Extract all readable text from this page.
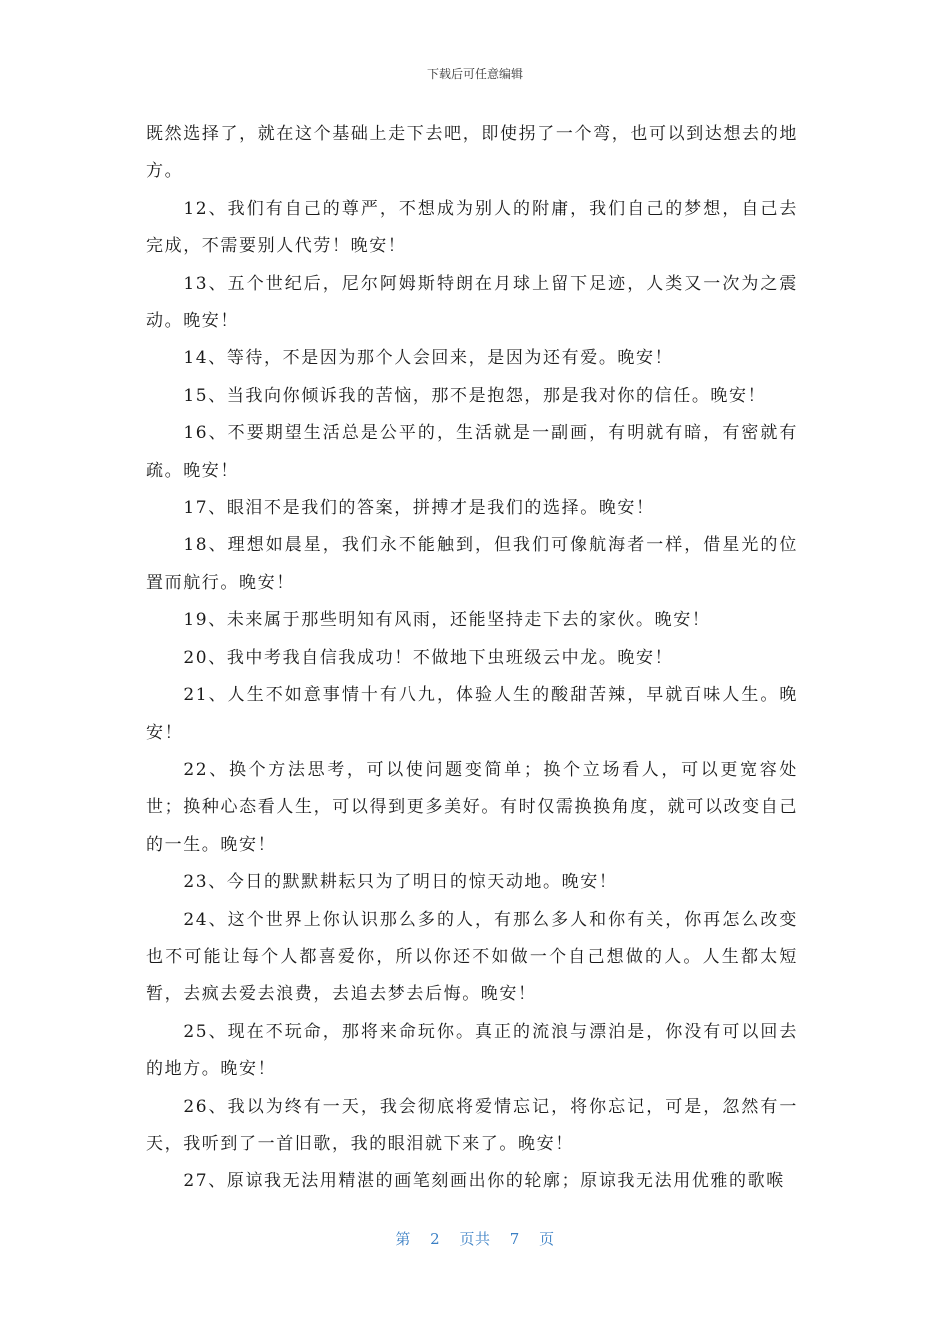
下载后可任意编辑

既然选择了，就在这个基础上走下去吧，即使拐了一个弯，也可以到达想去的地方。

12、我们有自己的尊严，不想成为别人的附庸，我们自己的梦想，自己去完成，不需要别人代劳！晚安！

13、五个世纪后，尼尔阿姆斯特朗在月球上留下足迹，人类又一次为之震动。晚安！

14、等待，不是因为那个人会回来，是因为还有爱。晚安！

15、当我向你倾诉我的苦恼，那不是抱怨，那是我对你的信任。晚安！

16、不要期望生活总是公平的，生活就是一副画，有明就有暗，有密就有疏。晚安！

17、眼泪不是我们的答案，拼搏才是我们的选择。晚安！

18、理想如晨星，我们永不能触到，但我们可像航海者一样，借星光的位置而航行。晚安！

19、未来属于那些明知有风雨，还能坚持走下去的家伙。晚安！

20、我中考我自信我成功！不做地下虫班级云中龙。晚安！

21、人生不如意事情十有八九，体验人生的酸甜苦辣，早就百味人生。晚安！

22、换个方法思考，可以使问题变简单；换个立场看人，可以更宽容处世；换种心态看人生，可以得到更多美好。有时仅需换换角度，就可以改变自己的一生。晚安！

23、今日的默默耕耘只为了明日的惊天动地。晚安！

24、这个世界上你认识那么多的人，有那么多人和你有关，你再怎么改变也不可能让每个人都喜爱你，所以你还不如做一个自己想做的人。人生都太短暂，去疯去爱去浪费，去追去梦去后悔。晚安！

25、现在不玩命，那将来命玩你。真正的流浪与漂泊是，你没有可以回去的地方。晚安！

26、我以为终有一天，我会彻底将爱情忘记，将你忘记，可是，忽然有一天，我听到了一首旧歌，我的眼泪就下来了。晚安！

27、原谅我无法用精湛的画笔刻画出你的轮廓；原谅我无法用优雅的歌喉

第 2 页共 7 页
